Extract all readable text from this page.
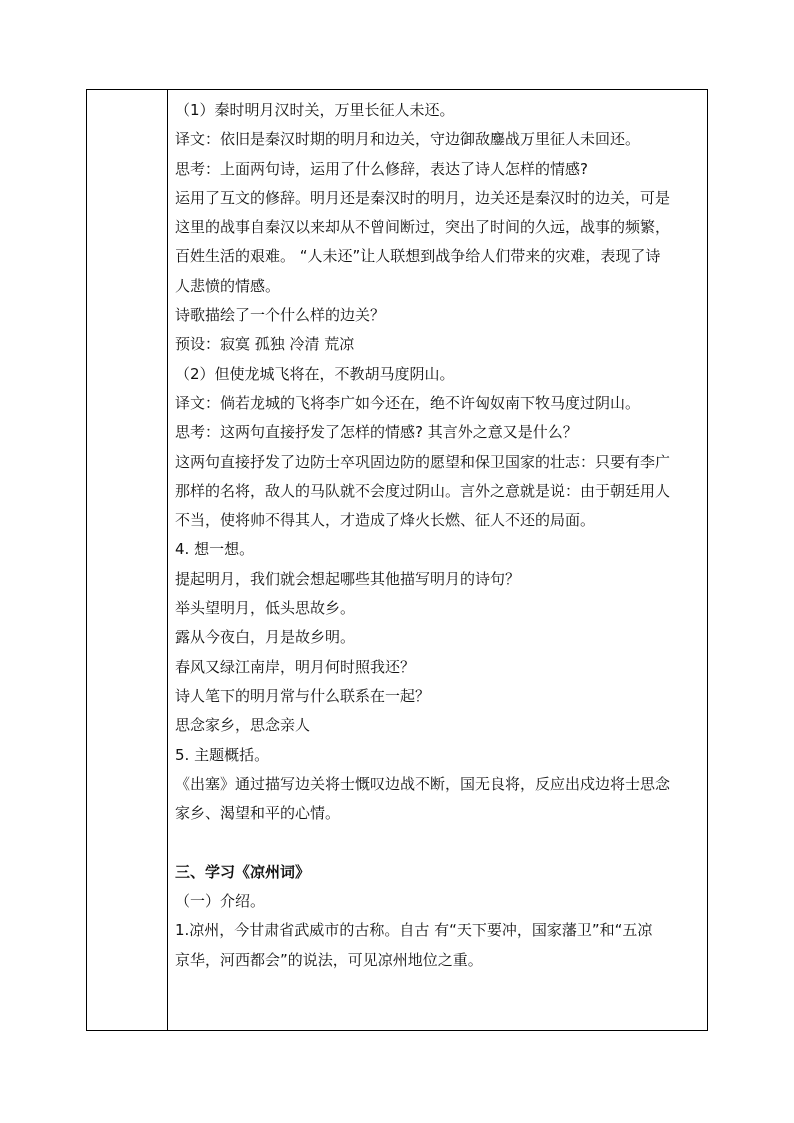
（1）秦时明月汉时关，万里长征人未还。

译文：依旧是秦汉时期的明月和边关，守边御敌鏖战万里征人未回还。

思考：上面两句诗，运用了什么修辞，表达了诗人怎样的情感?

运用了互文的修辞。明月还是秦汉时的明月，边关还是秦汉时的边关，可是

这里的战事自秦汉以来却从不曾间断过，突出了时间的久远，战事的频繁，

百姓生活的艰难。 “人未还”让人联想到战争给人们带来的灾难，表现了诗

人悲愤的情感。

诗歌描绘了一个什么样的边关？

预设：寂寞 孤独 冷清 荒凉

（2）但使龙城飞将在，不教胡马度阴山。

译文：倘若龙城的飞将李广如今还在，绝不许匈奴南下牧马度过阴山。

思考：这两句直接抒发了怎样的情感? 其言外之意又是什么？

这两句直接抒发了边防士卒巩固边防的愿望和保卫国家的壮志：只要有李广

那样的名将，敌人的马队就不会度过阴山。言外之意就是说：由于朝廷用人

不当，使将帅不得其人，才造成了烽火长燃、征人不还的局面。

4. 想一想。

提起明月，我们就会想起哪些其他描写明月的诗句？

举头望明月，低头思故乡。

露从今夜白，月是故乡明。

春风又绿江南岸，明月何时照我还？

诗人笔下的明月常与什么联系在一起？

思念家乡，思念亲人

5. 主题概括。

《出塞》通过描写边关将士慨叹边战不断，国无良将，反应出戍边将士思念

家乡、渴望和平的心情。

三、学习《凉州词》

（一）介绍。

1.凉州，今甘肃省武威市的古称。自古 有“天下要冲，国家藩卫”和“五凉

京华，河西都会”的说法，可见凉州地位之重。
